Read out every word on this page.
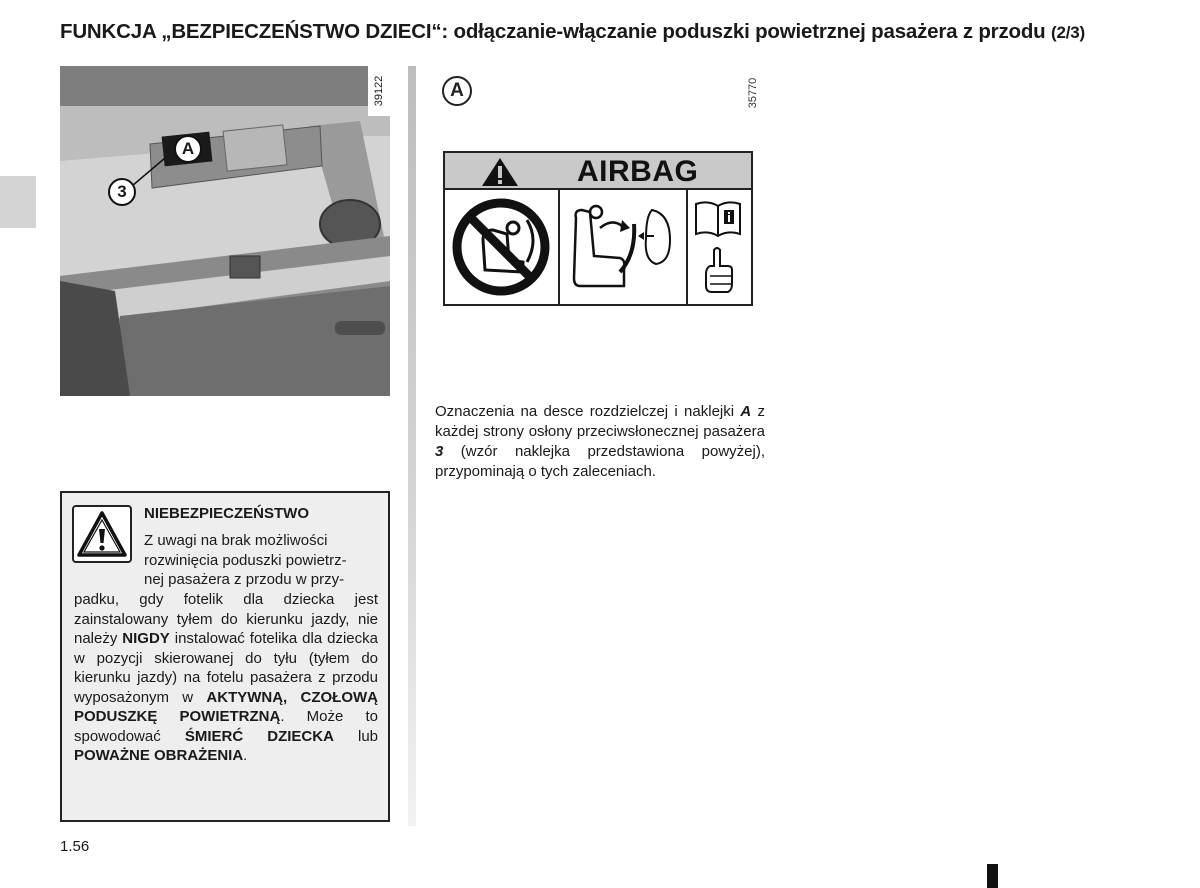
FUNKCJA „BEZPIECZEŃSTWO DZIECI“: odłączanie-włączanie poduszki powietrznej pasażera z przodu (2/3)
39122
A
3
A	35770
AIRBAG
Oznaczenia na desce rozdzielczej i naklejki A z każdej strony osłony przeciwsłonecznej pasażera 3 (wzór naklejka przedstawiona powyżej), przypominają o tych zaleceniach.
NIEBEZPIECZEŃSTWO
Z uwagi na brak możliwości
rozwinięcia poduszki powietrz-
nej pasażera z przodu w przy-
padku, gdy fotelik dla dziecka jest zainstalowany tyłem do kierunku jazdy, nie należy NIGDY instalować fotelika dla dziecka w pozycji skierowanej do tyłu (tyłem do kierunku jazdy) na fotelu pasażera z przodu wyposażonym w AKTYWNĄ, CZOŁOWĄ PODUSZKĘ POWIETRZNĄ. Może to spowodować ŚMIERĆ DZIECKA lub POWAŻNE OBRAŻENIA.
1.56
